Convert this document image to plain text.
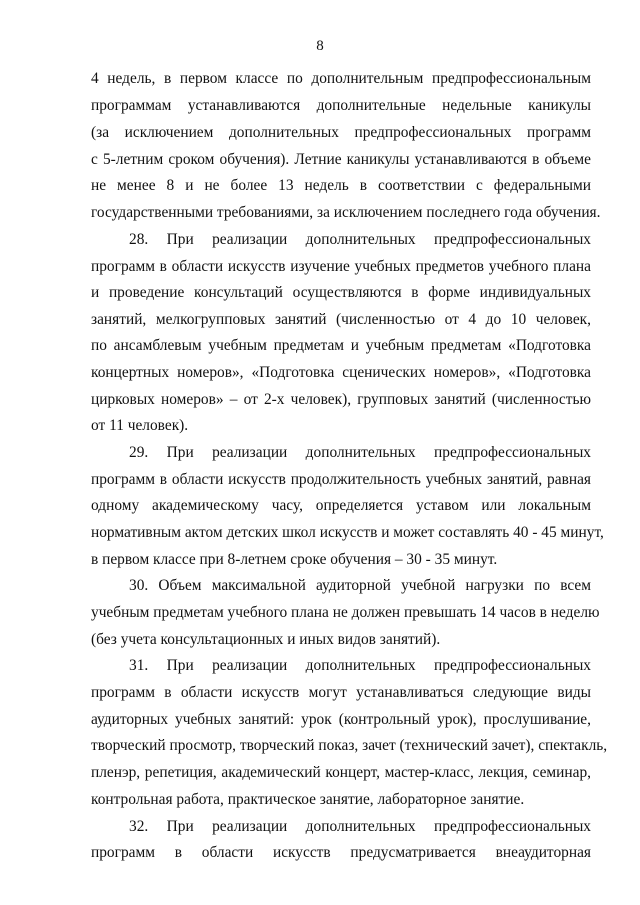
8
4 недель, в первом классе по дополнительным предпрофессиональным
программам устанавливаются дополнительные недельные каникулы
(за исключением дополнительных предпрофессиональных программ
с 5-летним сроком обучения). Летние каникулы устанавливаются в объеме
не менее 8 и не более 13 недель в соответствии с федеральными
государственными требованиями, за исключением последнего года обучения.
28. При реализации дополнительных предпрофессиональных
программ в области искусств изучение учебных предметов учебного плана
и проведение консультаций осуществляются в форме индивидуальных
занятий, мелкогрупповых занятий (численностью от 4 до 10 человек,
по ансамблевым учебным предметам и учебным предметам «Подготовка
концертных номеров», «Подготовка сценических номеров», «Подготовка
цирковых номеров» – от 2-х человек), групповых занятий (численностью
от 11 человек).
29. При реализации дополнительных предпрофессиональных
программ в области искусств продолжительность учебных занятий, равная
одному академическому часу, определяется уставом или локальным
нормативным актом детских школ искусств и может составлять 40 - 45 минут,
в первом классе при 8-летнем сроке обучения – 30 - 35 минут.
30. Объем максимальной аудиторной учебной нагрузки по всем
учебным предметам учебного плана не должен превышать 14 часов в неделю
(без учета консультационных и иных видов занятий).
31. При реализации дополнительных предпрофессиональных
программ в области искусств могут устанавливаться следующие виды
аудиторных учебных занятий: урок (контрольный урок), прослушивание,
творческий просмотр, творческий показ, зачет (технический зачет), спектакль,
пленэр, репетиция, академический концерт, мастер-класс, лекция, семинар,
контрольная работа, практическое занятие, лабораторное занятие.
32. При реализации дополнительных предпрофессиональных
программ в области искусств предусматривается внеаудиторная
